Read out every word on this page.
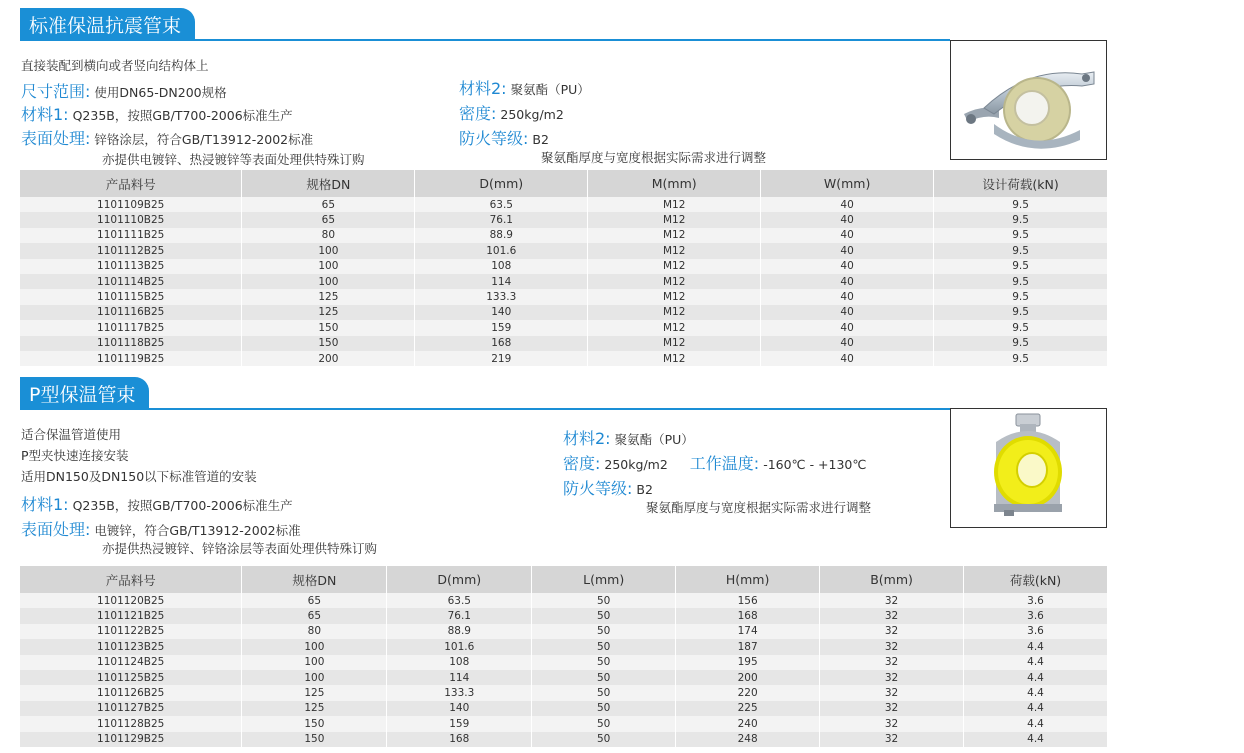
标准保温抗震管束
直接装配到横向或者竖向结构体上
尺寸范围: 使用DN65-DN200规格
材料1: Q235B，按照GB/T700-2006标准生产
表面处理: 锌铬涂层，符合GB/T13912-2002标准
亦提供电镀锌、热浸镀锌等表面处理供特殊订购
材料2: 聚氨酯（PU）
密度: 250kg/m2
防火等级: B2
聚氨酯厚度与宽度根据实际需求进行调整
产品料号	规格DN	D(mm)	M(mm)	W(mm)	设计荷载(kN)
1101109B25	65	63.5	M12	40	9.5
1101110B25	65	76.1	M12	40	9.5
1101111B25	80	88.9	M12	40	9.5
1101112B25	100	101.6	M12	40	9.5
1101113B25	100	108	M12	40	9.5
1101114B25	100	114	M12	40	9.5
1101115B25	125	133.3	M12	40	9.5
1101116B25	125	140	M12	40	9.5
1101117B25	150	159	M12	40	9.5
1101118B25	150	168	M12	40	9.5
1101119B25	200	219	M12	40	9.5
P型保温管束
适合保温管道使用
P型夹快速连接安装
适用DN150及DN150以下标准管道的安装
材料1: Q235B，按照GB/T700-2006标准生产
表面处理: 电镀锌，符合GB/T13912-2002标准
亦提供热浸镀锌、锌铬涂层等表面处理供特殊订购
材料2: 聚氨酯（PU）
密度: 250kg/m2 工作温度: -160℃ - +130℃
防火等级: B2
聚氨酯厚度与宽度根据实际需求进行调整
产品料号	规格DN	D(mm)	L(mm)	H(mm)	B(mm)	荷载(kN)
1101120B25	65	63.5	50	156	32	3.6
1101121B25	65	76.1	50	168	32	3.6
1101122B25	80	88.9	50	174	32	3.6
1101123B25	100	101.6	50	187	32	4.4
1101124B25	100	108	50	195	32	4.4
1101125B25	100	114	50	200	32	4.4
1101126B25	125	133.3	50	220	32	4.4
1101127B25	125	140	50	225	32	4.4
1101128B25	150	159	50	240	32	4.4
1101129B25	150	168	50	248	32	4.4
